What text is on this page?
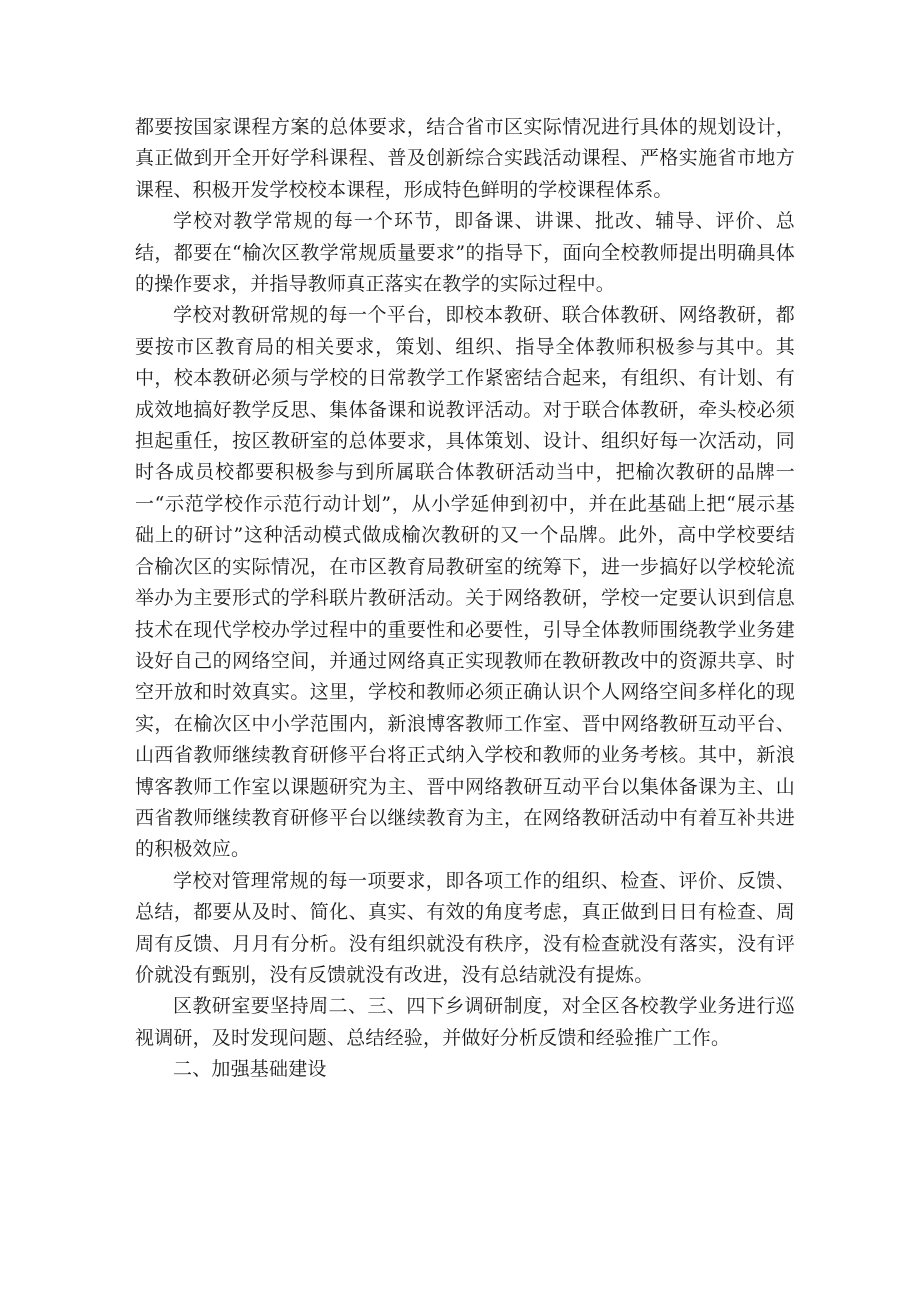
都要按国家课程方案的总体要求，结合省市区实际情况进行具体的规划设计，真正做到开全开好学科课程、普及创新综合实践活动课程、严格实施省市地方课程、积极开发学校校本课程，形成特色鲜明的学校课程体系。

学校对教学常规的每一个环节，即备课、讲课、批改、辅导、评价、总结，都要在“榆次区教学常规质量要求”的指导下，面向全校教师提出明确具体的操作要求，并指导教师真正落实在教学的实际过程中。

学校对教研常规的每一个平台，即校本教研、联合体教研、网络教研，都要按市区教育局的相关要求，策划、组织、指导全体教师积极参与其中。其中，校本教研必须与学校的日常教学工作紧密结合起来，有组织、有计划、有成效地搞好教学反思、集体备课和说教评活动。对于联合体教研，牵头校必须担起重任，按区教研室的总体要求，具体策划、设计、组织好每一次活动，同时各成员校都要积极参与到所属联合体教研活动当中，把榆次教研的品牌一一“示范学校作示范行动计划”，从小学延伸到初中，并在此基础上把“展示基础上的研讨”这种活动模式做成榆次教研的又一个品牌。此外，高中学校要结合榆次区的实际情况，在市区教育局教研室的统筹下，进一步搞好以学校轮流举办为主要形式的学科联片教研活动。关于网络教研，学校一定要认识到信息技术在现代学校办学过程中的重要性和必要性，引导全体教师围绕教学业务建设好自己的网络空间，并通过网络真正实现教师在教研教改中的资源共享、时空开放和时效真实。这里，学校和教师必须正确认识个人网络空间多样化的现实，在榆次区中小学范围内，新浪博客教师工作室、晋中网络教研互动平台、山西省教师继续教育研修平台将正式纳入学校和教师的业务考核。其中，新浪博客教师工作室以课题研究为主、晋中网络教研互动平台以集体备课为主、山西省教师继续教育研修平台以继续教育为主，在网络教研活动中有着互补共进的积极效应。

学校对管理常规的每一项要求，即各项工作的组织、检查、评价、反馈、总结，都要从及时、简化、真实、有效的角度考虑，真正做到日日有检查、周周有反馈、月月有分析。没有组织就没有秩序，没有检查就没有落实，没有评价就没有甄别，没有反馈就没有改进，没有总结就没有提炼。

区教研室要坚持周二、三、四下乡调研制度，对全区各校教学业务进行巡视调研，及时发现问题、总结经验，并做好分析反馈和经验推广工作。

二、加强基础建设
